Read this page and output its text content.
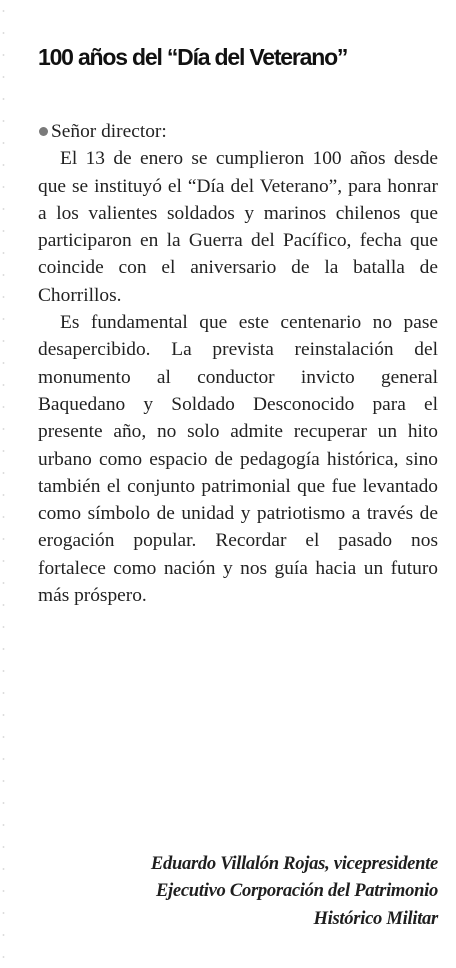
100 años del “Día del Veterano”

Señor director:

El 13 de enero se cumplieron 100 años desde que se instituyó el “Día del Veterano”, para honrar a los valientes soldados y marinos chilenos que participaron en la Guerra del Pacífico, fecha que coincide con el aniversario de la batalla de Chorrillos.

Es fundamental que este centenario no pase desapercibido. La prevista reinstalación del monumento al conductor invicto general Baquedano y Soldado Desconocido para el presente año, no solo admite recuperar un hito urbano como espacio de pedagogía histórica, sino también el conjunto patrimonial que fue levantado como símbolo de unidad y patriotismo a través de erogación popular. Recordar el pasado nos fortalece como nación y nos guía hacia un futuro más próspero.

Eduardo Villalón Rojas, vicepresidente
Ejecutivo Corporación del Patrimonio
Histórico Militar
